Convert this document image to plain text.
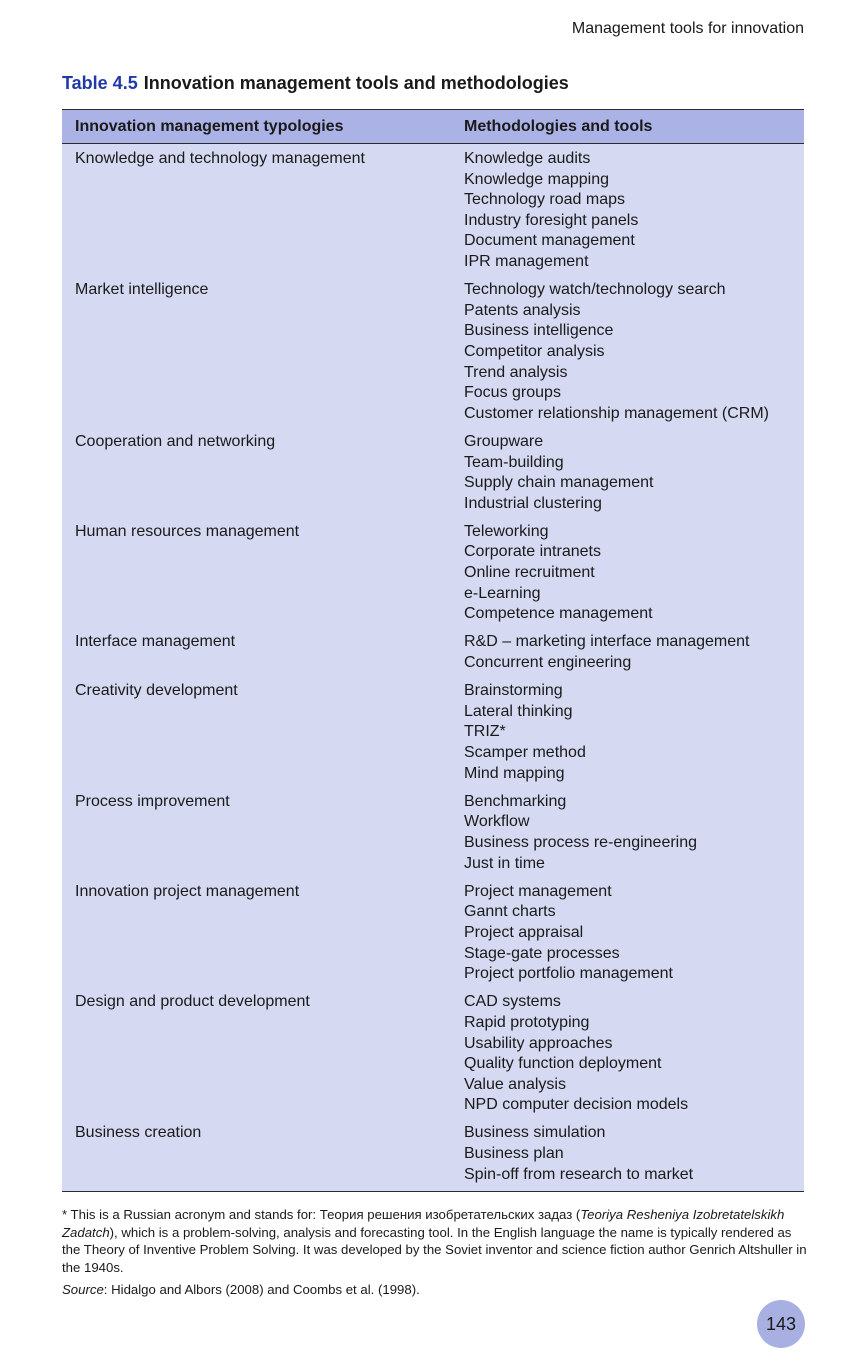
Management tools for innovation
Table 4.5 Innovation management tools and methodologies
Innovation management typologies	Methodologies and tools
Knowledge and technology management	Knowledge audits
Knowledge mapping
Technology road maps
Industry foresight panels
Document management
IPR management
Market intelligence	Technology watch/technology search
Patents analysis
Business intelligence
Competitor analysis
Trend analysis
Focus groups
Customer relationship management (CRM)
Cooperation and networking	Groupware
Team-building
Supply chain management
Industrial clustering
Human resources management	Teleworking
Corporate intranets
Online recruitment
e-Learning
Competence management
Interface management	R&D – marketing interface management
Concurrent engineering
Creativity development	Brainstorming
Lateral thinking
TRIZ*
Scamper method
Mind mapping
Process improvement	Benchmarking
Workflow
Business process re-engineering
Just in time
Innovation project management	Project management
Gannt charts
Project appraisal
Stage-gate processes
Project portfolio management
Design and product development	CAD systems
Rapid prototyping
Usability approaches
Quality function deployment
Value analysis
NPD computer decision models
Business creation	Business simulation
Business plan
Spin-off from research to market

* This is a Russian acronym and stands for: Теория решения изобретательских задаз (Teoriya Resheniya Izobretatelskikh Zadatch), which is a problem-solving, analysis and forecasting tool. In the English language the name is typically rendered as the Theory of Inventive Problem Solving. It was developed by the Soviet inventor and science fiction author Genrich Altshuller in the 1940s.

Source: Hidalgo and Albors (2008) and Coombs et al. (1998).

143
